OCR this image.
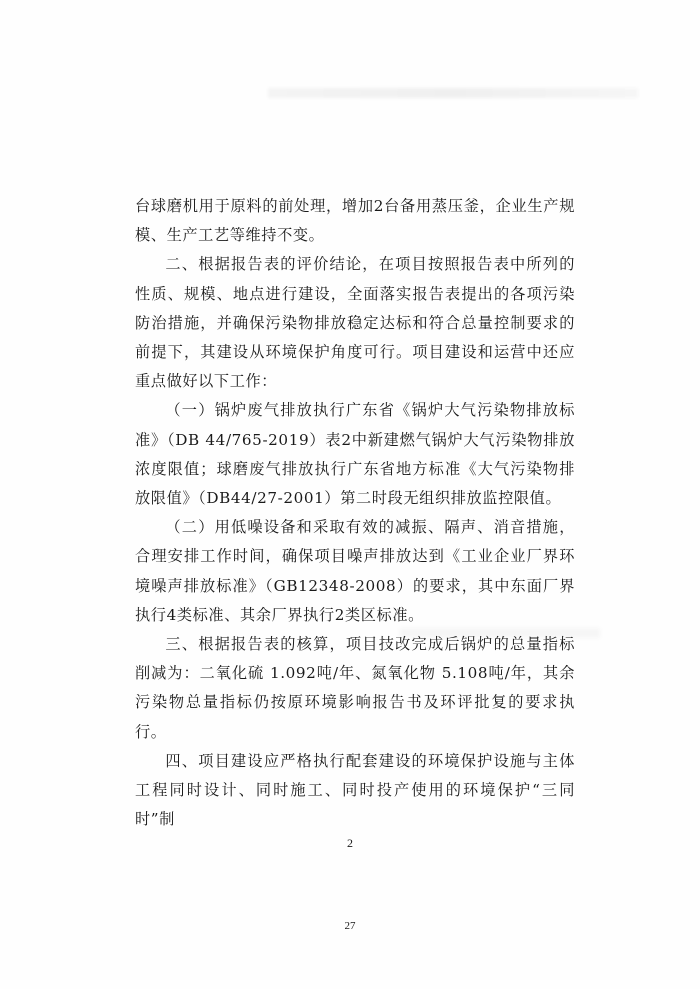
台球磨机用于原料的前处理，增加2台备用蒸压釜，企业生产规模、生产工艺等维持不变。

二、根据报告表的评价结论，在项目按照报告表中所列的性质、规模、地点进行建设，全面落实报告表提出的各项污染防治措施，并确保污染物排放稳定达标和符合总量控制要求的前提下，其建设从环境保护角度可行。项目建设和运营中还应重点做好以下工作：

（一）锅炉废气排放执行广东省《锅炉大气污染物排放标准》（DB 44/765-2019）表2中新建燃气锅炉大气污染物排放浓度限值；球磨废气排放执行广东省地方标准《大气污染物排放限值》（DB44/27-2001）第二时段无组织排放监控限值。

（二）用低噪设备和采取有效的减振、隔声、消音措施，合理安排工作时间，确保项目噪声排放达到《工业企业厂界环境噪声排放标准》（GB12348-2008）的要求，其中东面厂界执行4类标准、其余厂界执行2类区标准。

三、根据报告表的核算，项目技改完成后锅炉的总量指标削减为：二氧化硫 1.092吨/年、氮氧化物 5.108吨/年，其余污染物总量指标仍按原环境影响报告书及环评批复的要求执行。

四、项目建设应严格执行配套建设的环境保护设施与主体工程同时设计、同时施工、同时投产使用的环境保护“三同时”制

2
27
